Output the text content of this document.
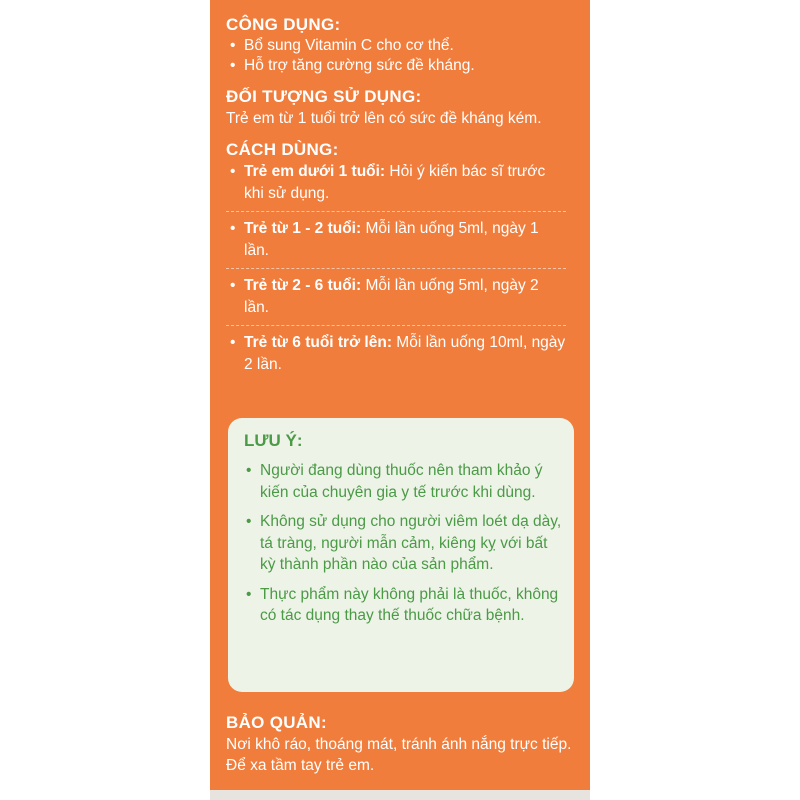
CÔNG DỤNG:
• Bổ sung Vitamin C cho cơ thể.
• Hỗ trợ tăng cường sức đề kháng.
ĐỐI TƯỢNG SỬ DỤNG:
Trẻ em từ 1 tuổi trở lên có sức đề kháng kém.
CÁCH DÙNG:
• Trẻ em dưới 1 tuổi: Hỏi ý kiến bác sĩ trước khi sử dụng.
• Trẻ từ 1 - 2 tuổi: Mỗi lần uống 5ml, ngày 1 lần.
• Trẻ từ 2 - 6 tuổi: Mỗi lần uống 5ml, ngày 2 lần.
• Trẻ từ 6 tuổi trở lên: Mỗi lần uống 10ml, ngày 2 lần.
LƯU Ý:
• Người đang dùng thuốc nên tham khảo ý kiến của chuyên gia y tế trước khi dùng.
• Không sử dụng cho người viêm loét dạ dày, tá tràng, người mẫn cảm, kiêng kỵ với bất kỳ thành phần nào của sản phẩm.
• Thực phẩm này không phải là thuốc, không có tác dụng thay thế thuốc chữa bệnh.
BẢO QUẢN:
Nơi khô ráo, thoáng mát, tránh ánh nắng trực tiếp. Để xa tầm tay trẻ em.
